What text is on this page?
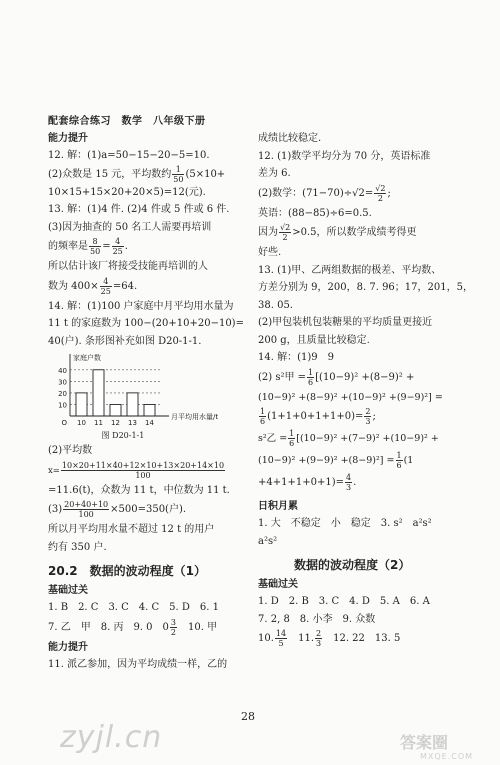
配套综合练习　数学　八年级下册
能力提升
12. 解：(1)a=50−15−20−5=10.
(2)众数是 15 元，平均数约 $\frac{1}{50} (5\times 10+$
10×15+15×20+20×5)=12(元).
13. 解：(1)4 件. (2)4 件或 5 件或 6 件.
(3)因为抽查的 50 名工人需要再培训
的频率是 $\frac{8}{50} = \frac{4}{25}$ .
所以估计该厂将接受技能再培训的人
数为 $400\times \frac{4}{25} =64$.
14. 解：(1)100 户家庭中月平均用水量为
11 t 的家庭数为 100−(20+10+20−10)=
40(户). 条形图补充如图 D20-1-1.
40
30
20
10
10 11 12 13 14
O
家庭户数
月平均用水量/t
图 D20-1-1
(2)平均数
$x= \frac{10\times 20+11\times 40+12\times 10+13\times 20+14\times 10}{100}$
=11.6(t)，众数为 11 t，中位数为 11 t.
$(3) \frac{20+40+10}{100} \times 500=350$(户).
所以月平均用水量不超过 12 t 的用户
约有 350 户.
20.2　数据的波动程度（1）
基础过关
1. B　2. C　3. C　4. C　5. D　6. 1
7. 乙　甲　8. 丙　9. 0　$0 \frac{3}{2}$
　 10. 甲
能力提升
11. 派乙参加，因为平均成绩一样，乙的
成绩比较稳定.
12. (1)数学平均分为 70 分，英语标准
差为 6.
(2)数学：$(71-70)\div√2= \frac{√2}{2}$ ;
英语：(88−85)÷6=0.5.
因为 $\frac{√2}{2} >0.5$，所以数学成绩考得更
好些.
13. (1)甲、乙两组数据的极差、平均数、
方差分别为 9，200，8. 7. 96；17，201，5，
38. 05.
(2)甲包装机包装糖果的平均质量更接近
200 g，且质量比较稳定.
14. 解：(1)9　9
(2) s²甲 = $\frac{1}{6} [(10-9)^2 +(8-9)^2$ +
(10−9)² +(8−9)² +(10−9)² +(9−9)²] =
$\frac{1}{6} (1+1+0+1+1+0)= \frac{2}{3}$ ;
s²乙 = $\frac{1}{6} [(10-9)^2 +(7-9)^2 +(10-9)^2$ +
$(10-9)^2 +(9-9)^2 +(8-9)^2] = \frac{1}{6} (1$
$+4+1+1+0+1)= \frac{4}{3}$ .
日积月累
1. 大　不稳定　小　稳定　3. s²　a²s²
a²s²
数据的波动程度（2）
基础过关
1. D　2. B　3. C　4. D　5. A　6. A
7. 2, 8　8. 小李　9. 众数
10. $\frac{14}{5}$
　 11. $\frac{2}{3}$
　 12. 22　13. 5
28
zyjl.cn	答案圈
MXQE.COM
